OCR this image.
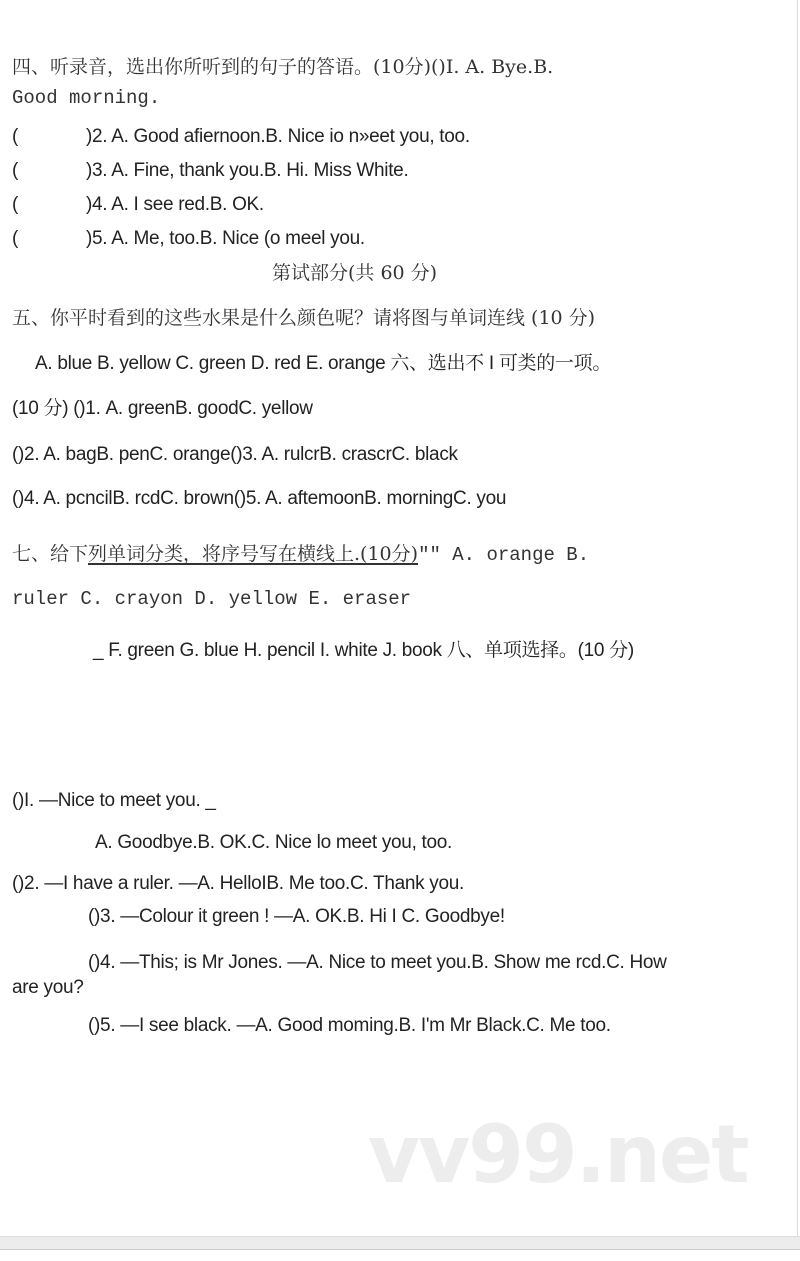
四、听录音，选出你所听到的句子的答语。(10分)()I. A. Bye.B.
Good morning.
(	)2. A. Good afiernoon.B. Nice io n»eet you, too.
(	)3. A. Fine, thank you.B. Hi. Miss White.
(	)4. A. I see red.B. OK.
(	)5. A. Me, too.B. Nice (o meel you.
第试部分(共 60 分)
五、你平时看到的这些水果是什么颜色呢？请将图与单词连线 (10 分)
A. blue B. yellow C. green D. red E. orange 六、选出不 I 可类的一项。
(10 分) ()1. A. greenB. goodC. yellow
()2. A. bagB. penC. orange()3. A. rulcrB. crascrC. black
()4. A. pcncilB. rcdC. brown()5. A. aftemoonB. morningC. you
七、给下列单词分类，将序号写在横线上.(10分)"" A. orange B.
ruler C. crayon D. yellow E. eraser
_ F. green G. blue H. pencil I. white J. book 八、单项选择。(10 分)
()I. —Nice to meet you. _
A. Goodbye.B. OK.C. Nice lo meet you, too.
()2. —I have a ruler. —A. HelloIB. Me too.C. Thank you.
()3. —Colour it green ! —A. OK.B. Hi I C. Goodbye!
()4. —This; is Mr Jones. —A. Nice to meet you.B. Show me rcd.C. How
are you?
()5. —I see black. —A. Good moming.B. I'm Mr Black.C. Me too.
vv99.net
